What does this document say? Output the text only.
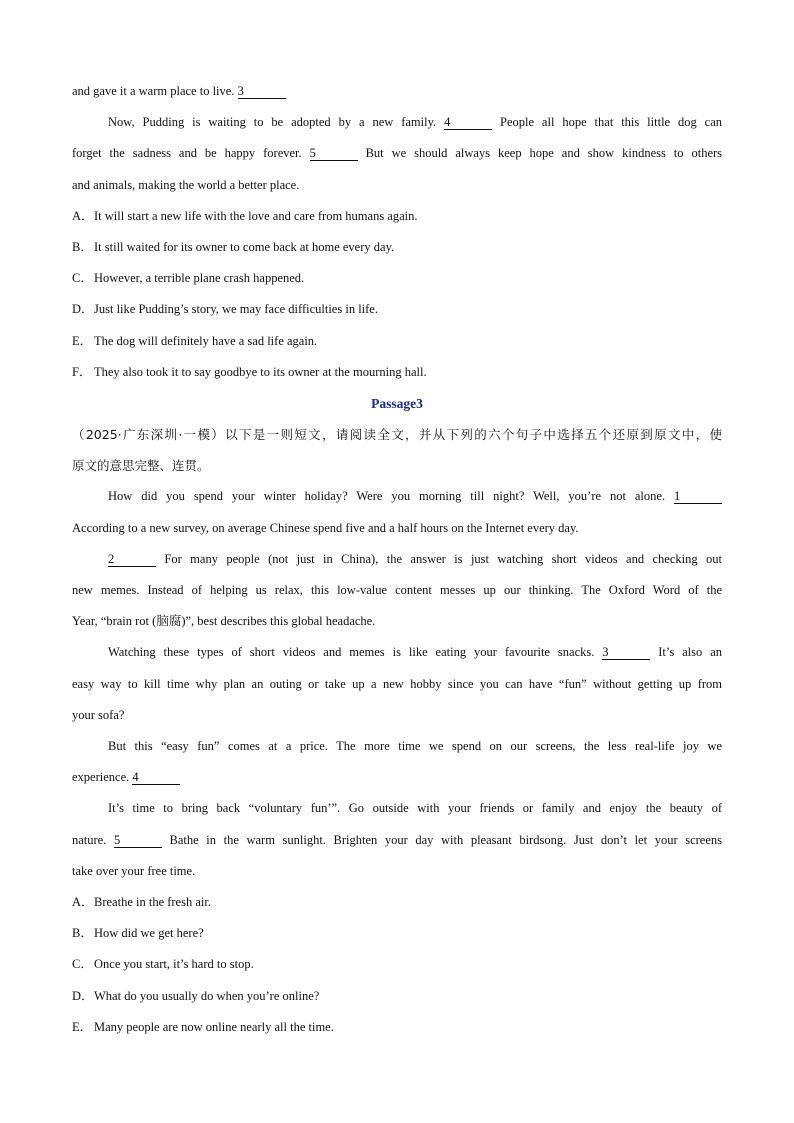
and gave it a warm place to live. 3

Now, Pudding is waiting to be adopted by a new family. 4	People all hope that this little dog can

forget the sadness and be happy forever. 5	But we should always keep hope and show kindness to others

and animals, making the world a better place.

A．It will start a new life with the love and care from humans again.

B．It still waited for its owner to come back at home every day.

C．However, a terrible plane crash happened.

D．Just like Pudding’s story, we may face difficulties in life.

E． The dog will definitely have a sad life again.

F． They also took it to say goodbye to its owner at the mourning hall.

Passage3

（2025·广东深圳·一模）以下是一则短文，请阅读全文，并从下列的六个句子中选择五个还原到原文中，使

原文的意思完整、连贯。

How did you spend your winter holiday? Were you morning till night? Well, you’re not alone. 1

According to a new survey, on average Chinese spend five and a half hours on the Internet every day.

2	For many people (not just in China), the answer is just watching short videos and checking out

new memes. Instead of helping us relax, this low-value content messes up our thinking. The Oxford Word of the

Year, “brain rot (脑腐)”, best describes this global headache.

Watching these types of short videos and memes is like eating your favourite snacks. 3	It’s also an

easy way to kill time why plan an outing or take up a new hobby since you can have “fun” without getting up from

your sofa?

But this “easy fun” comes at a price. The more time we spend on our screens, the less real-life joy we

experience. 4

It’s time to bring back “voluntary fun’”. Go outside with your friends or family and enjoy the beauty of

nature. 5	Bathe in the warm sunlight. Brighten your day with pleasant birdsong. Just don’t let your screens

take over your free time.

A．Breathe in the fresh air.

B．How did we get here?

C．Once you start, it’s hard to stop.

D．What do you usually do when you’re online?

E． Many people are now online nearly all the time.
